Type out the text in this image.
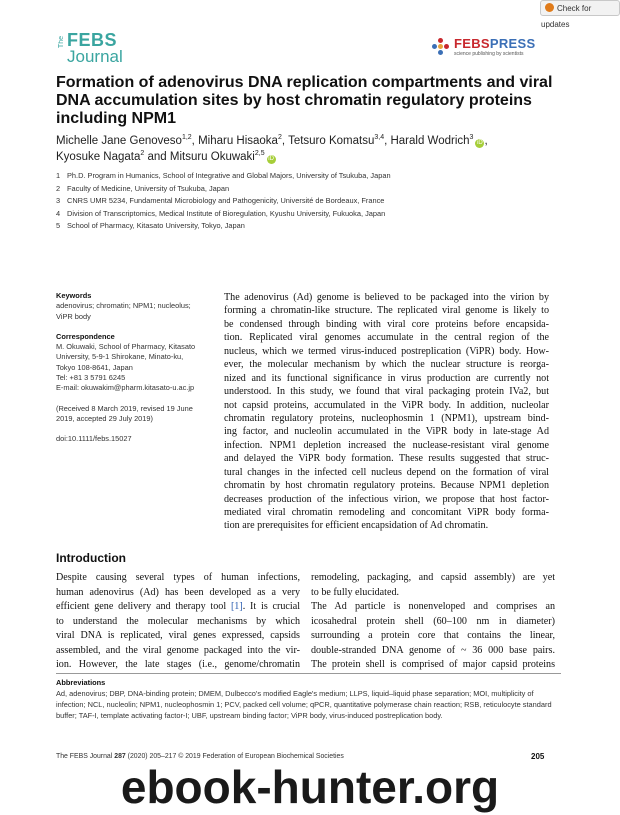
Check for updates
The FEBS
Journal
FEBSPRESS
science publishing by scientists
Formation of adenovirus DNA replication compartments and viral DNA accumulation sites by host chromatin regulatory proteins including NPM1
Michelle Jane Genoveso$^{1,2}$, Miharu Hisaoka$^2$, Tetsuro Komatsu$^{3,4}$, Harald Wodrich$^3$iD ,
Kyosuke Nagata$^2$ and Mitsuru Okuwaki$^{2,5}$iD
1 Ph.D. Program in Humanics, School of Integrative and Global Majors, University of Tsukuba, Japan
2 Faculty of Medicine, University of Tsukuba, Japan
3 CNRS UMR 5234, Fundamental Microbiology and Pathogenicity, Université de Bordeaux, France
4 Division of Transcriptomics, Medical Institute of Bioregulation, Kyushu University, Fukuoka, Japan
5 School of Pharmacy, Kitasato University, Tokyo, Japan
Keywords
adenovirus; chromatin; NPM1; nucleolus;
ViPR body
Correspondence
M. Okuwaki, School of Pharmacy, Kitasato
University, 5-9-1 Shirokane, Minato-ku,
Tokyo 108-8641, Japan
Tel: +81 3 5791 6245
E-mail: okuwakim@pharm.kitasato-u.ac.jp
(Received 8 March 2019, revised 19 June
2019, accepted 29 July 2019)
doi:10.1111/febs.15027
The adenovirus (Ad) genome is believed to be packaged into the virion by
forming a chromatin-like structure. The replicated viral genome is likely to
be condensed through binding with viral core proteins before encapsida-
tion. Replicated viral genomes accumulate in the central region of the
nucleus, which we termed virus-induced postreplication (ViPR) body. How-
ever, the molecular mechanism by which the nuclear structure is reorga-
nized and its functional significance in virus production are currently not
understood. In this study, we found that viral packaging protein IVa2, but
not capsid proteins, accumulated in the ViPR body. In addition, nucleolar
chromatin regulatory proteins, nucleophosmin 1 (NPM1), upstream bind-
ing factor, and nucleolin accumulated in the ViPR body in late-stage Ad
infection. NPM1 depletion increased the nuclease-resistant viral genome
and delayed the ViPR body formation. These results suggested that struc-
tural changes in the infected cell nucleus depend on the formation of viral
chromatin by host chromatin regulatory proteins. Because NPM1 depletion
decreases production of the infectious virion, we propose that host factor-
mediated viral chromatin remodeling and concomitant ViPR body forma-
tion are prerequisites for efficient encapsidation of Ad chromatin.
Introduction
Despite causing several types of human infections,
human adenovirus (Ad) has been developed as a very
efficient gene delivery and therapy tool [1]. It is crucial
to understand the molecular mechanisms by which
viral DNA is replicated, viral genes expressed, capsids
assembled, and the viral genome packaged into the vir-
ion. However, the late stages (i.e., genome/chromatin
remodeling, packaging, and capsid assembly) are yet
to be fully elucidated.
The Ad particle is nonenveloped and comprises an
icosahedral protein shell (60–100 nm in diameter)
surrounding a protein core that contains the linear,
double-stranded DNA genome of ~ 36 000 base pairs.
The protein shell is comprised of major capsid proteins
Abbreviations
Ad, adenovirus; DBP, DNA-binding protein; DMEM, Dulbecco's modified Eagle's medium; LLPS, liquid–liquid phase separation; MOI, multiplicity of infection; NCL, nucleolin; NPM1, nucleophosmin 1; PCV, packed cell volume; qPCR, quantitative polymerase chain reaction; RSB, reticulocyte standard buffer; TAF-I, template activating factor-I; UBF, upstream binding factor; ViPR body, virus-induced postreplication body.
The FEBS Journal 287 (2020) 205–217 © 2019 Federation of European Biochemical Societies	205
ebook-hunter.org
